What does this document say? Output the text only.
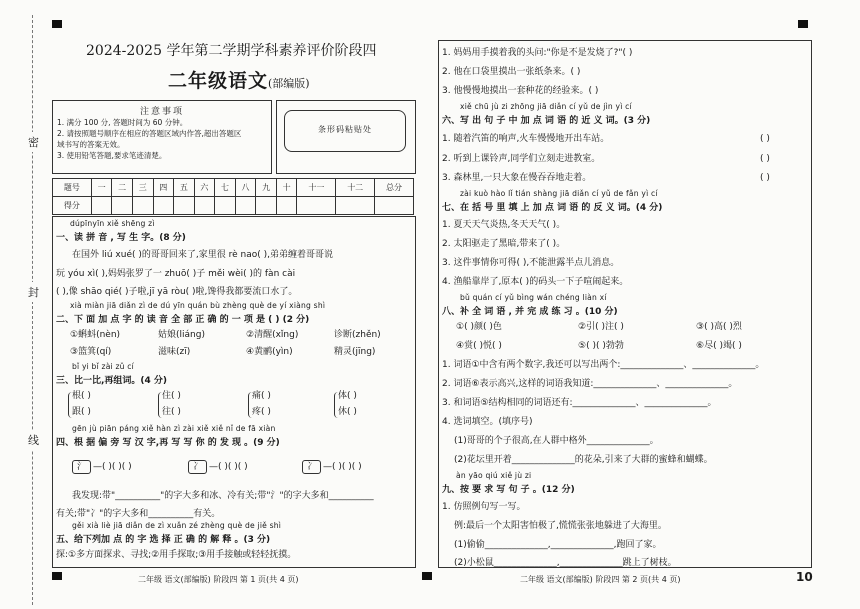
密
封
线
2024-2025 学年第二学期学科素养评价阶段四
二年级语文(部编版)
注意事项
1. 满分 100 分, 答题时间为 60 分钟。
2. 请按照题号顺序在相应的答题区域内作答,超出答题区
域书写的答案无效。
3. 使用铅笔答题,要求笔迹清楚。
条形码粘贴处
题号	一	二	三	四	五	六	七	八	九	十	十一	十二	总分
得分													
dúpīnyīn xiě shēng zì
一、读 拼 音 , 写 生 字。(8 分)
在国外 liú xué( )的哥哥回来了,家里很 rè nao( ),弟弟缠着哥哥说
玩 yóu xì( ),妈妈张罗了一 zhuō( )子 měi wèi( )的 fàn cài
( ),像 shāo qié( )子啦,jī yā ròu( )啦,馋得我都要流口水了。
xià miàn jiā diǎn zì de dú yīn quán bù zhèng què de yí xiàng shì
二、下 面 加 点 字 的 读 音 全 部 正 确 的 一 项 是 ( ) (2 分)
①蝌蚪(nèn)	姑娘(liáng)	②清醒(xǐng)	诊断(zhěn)
③篮箕(qí)	滋味(zī)	④黄鹂(yìn)	精灵(jīng)
bǐ yi bǐ zài zǔ cí
三、比一比,再组词。(4 分)
根( )	住( )	痛( )	体( )
跟( )	往( )	疼( )	休( )
gēn jù piān páng xiě hàn zì zài xiě xiě nǐ de fā xiàn
四、根 据 偏 旁 写 汉 字,再 写 写 你 的 发 现 。(9 分)
氵 —( )( )( )	冫 —( )( )( )	冫 —( )( )( )
我发现:带"__________"的字大多和冰、冷有关;带"氵"的字大多和__________
有关;带"冫"的字大多和__________有关。
gěi xià liè jiā diǎn de zì xuǎn zé zhèng què de jiě shì
五、给下列加 点 的 字 选 择 正 确 的 解 释 。(3 分)
探:①多方面探求、寻找;②用手探取;③用手接触或轻轻抚摸。
1. 妈妈用手摸着我的头问:"你是不是发烧了?"( )
2. 他在口袋里摸出一张纸条来。( )
3. 他慢慢地摸出一套种花的经验来。( )
xiě chū jù zi zhōng jiā diǎn cí yǔ de jìn yì cí
六、写 出 句 子 中 加 点 词 语 的 近 义 词。(3 分)
1. 随着汽笛的响声,火车慢慢地开出车站。	( )
2. 听到上课铃声,同学们立刻走进教室。	( )
3. 森林里,一只大象在慢吞吞地走着。	( )
zài kuò hào lǐ tián shàng jiā diǎn cí yǔ de fǎn yì cí
七、在 括 号 里 填 上 加 点 词 语 的 反 义 词。(4 分)
1. 夏天天气炎热,冬天天气( )。
2. 太阳驱走了黑暗,带来了( )。
3. 这件事情你可得( ),不能泄露半点儿消息。
4. 渔船靠岸了,原本( )的码头一下子喧闹起来。
bǔ quán cí yǔ bìng wán chéng liàn xí
八、补 全 词 语 , 并 完 成 练 习 。(10 分)
①( )颜( )色	②引( )注( )	③( )高( )烈
④赏( )悦( )	⑤( )( )勃勃	⑥尽( )竭( )
1. 词语①中含有两个数字,我还可以写出两个:______________、______________。
2. 词语⑥表示高兴,这样的词语我知道:______________、______________。
3. 和词语⑤结构相同的词语还有:______________、______________。
4. 选词填空。(填序号)
(1)哥哥的个子很高,在人群中格外______________。
(2)花坛里开着______________的花朵,引来了大群的蜜蜂和蝴蝶。
àn yāo qiú xiě jù zi
九、按 要 求 写 句 子 。(12 分)
1. 仿照例句写一写。
例:最后一个太阳害怕极了,慌慌张张地躲进了大海里。
(1)偷偷______________,______________,跑回了家。
(2)小松鼠______________,______________跳上了树枝。
二年级 语文(部编版) 阶段四 第 1 页(共 4 页)	二年级 语文(部编版) 阶段四 第 2 页(共 4 页)	10
